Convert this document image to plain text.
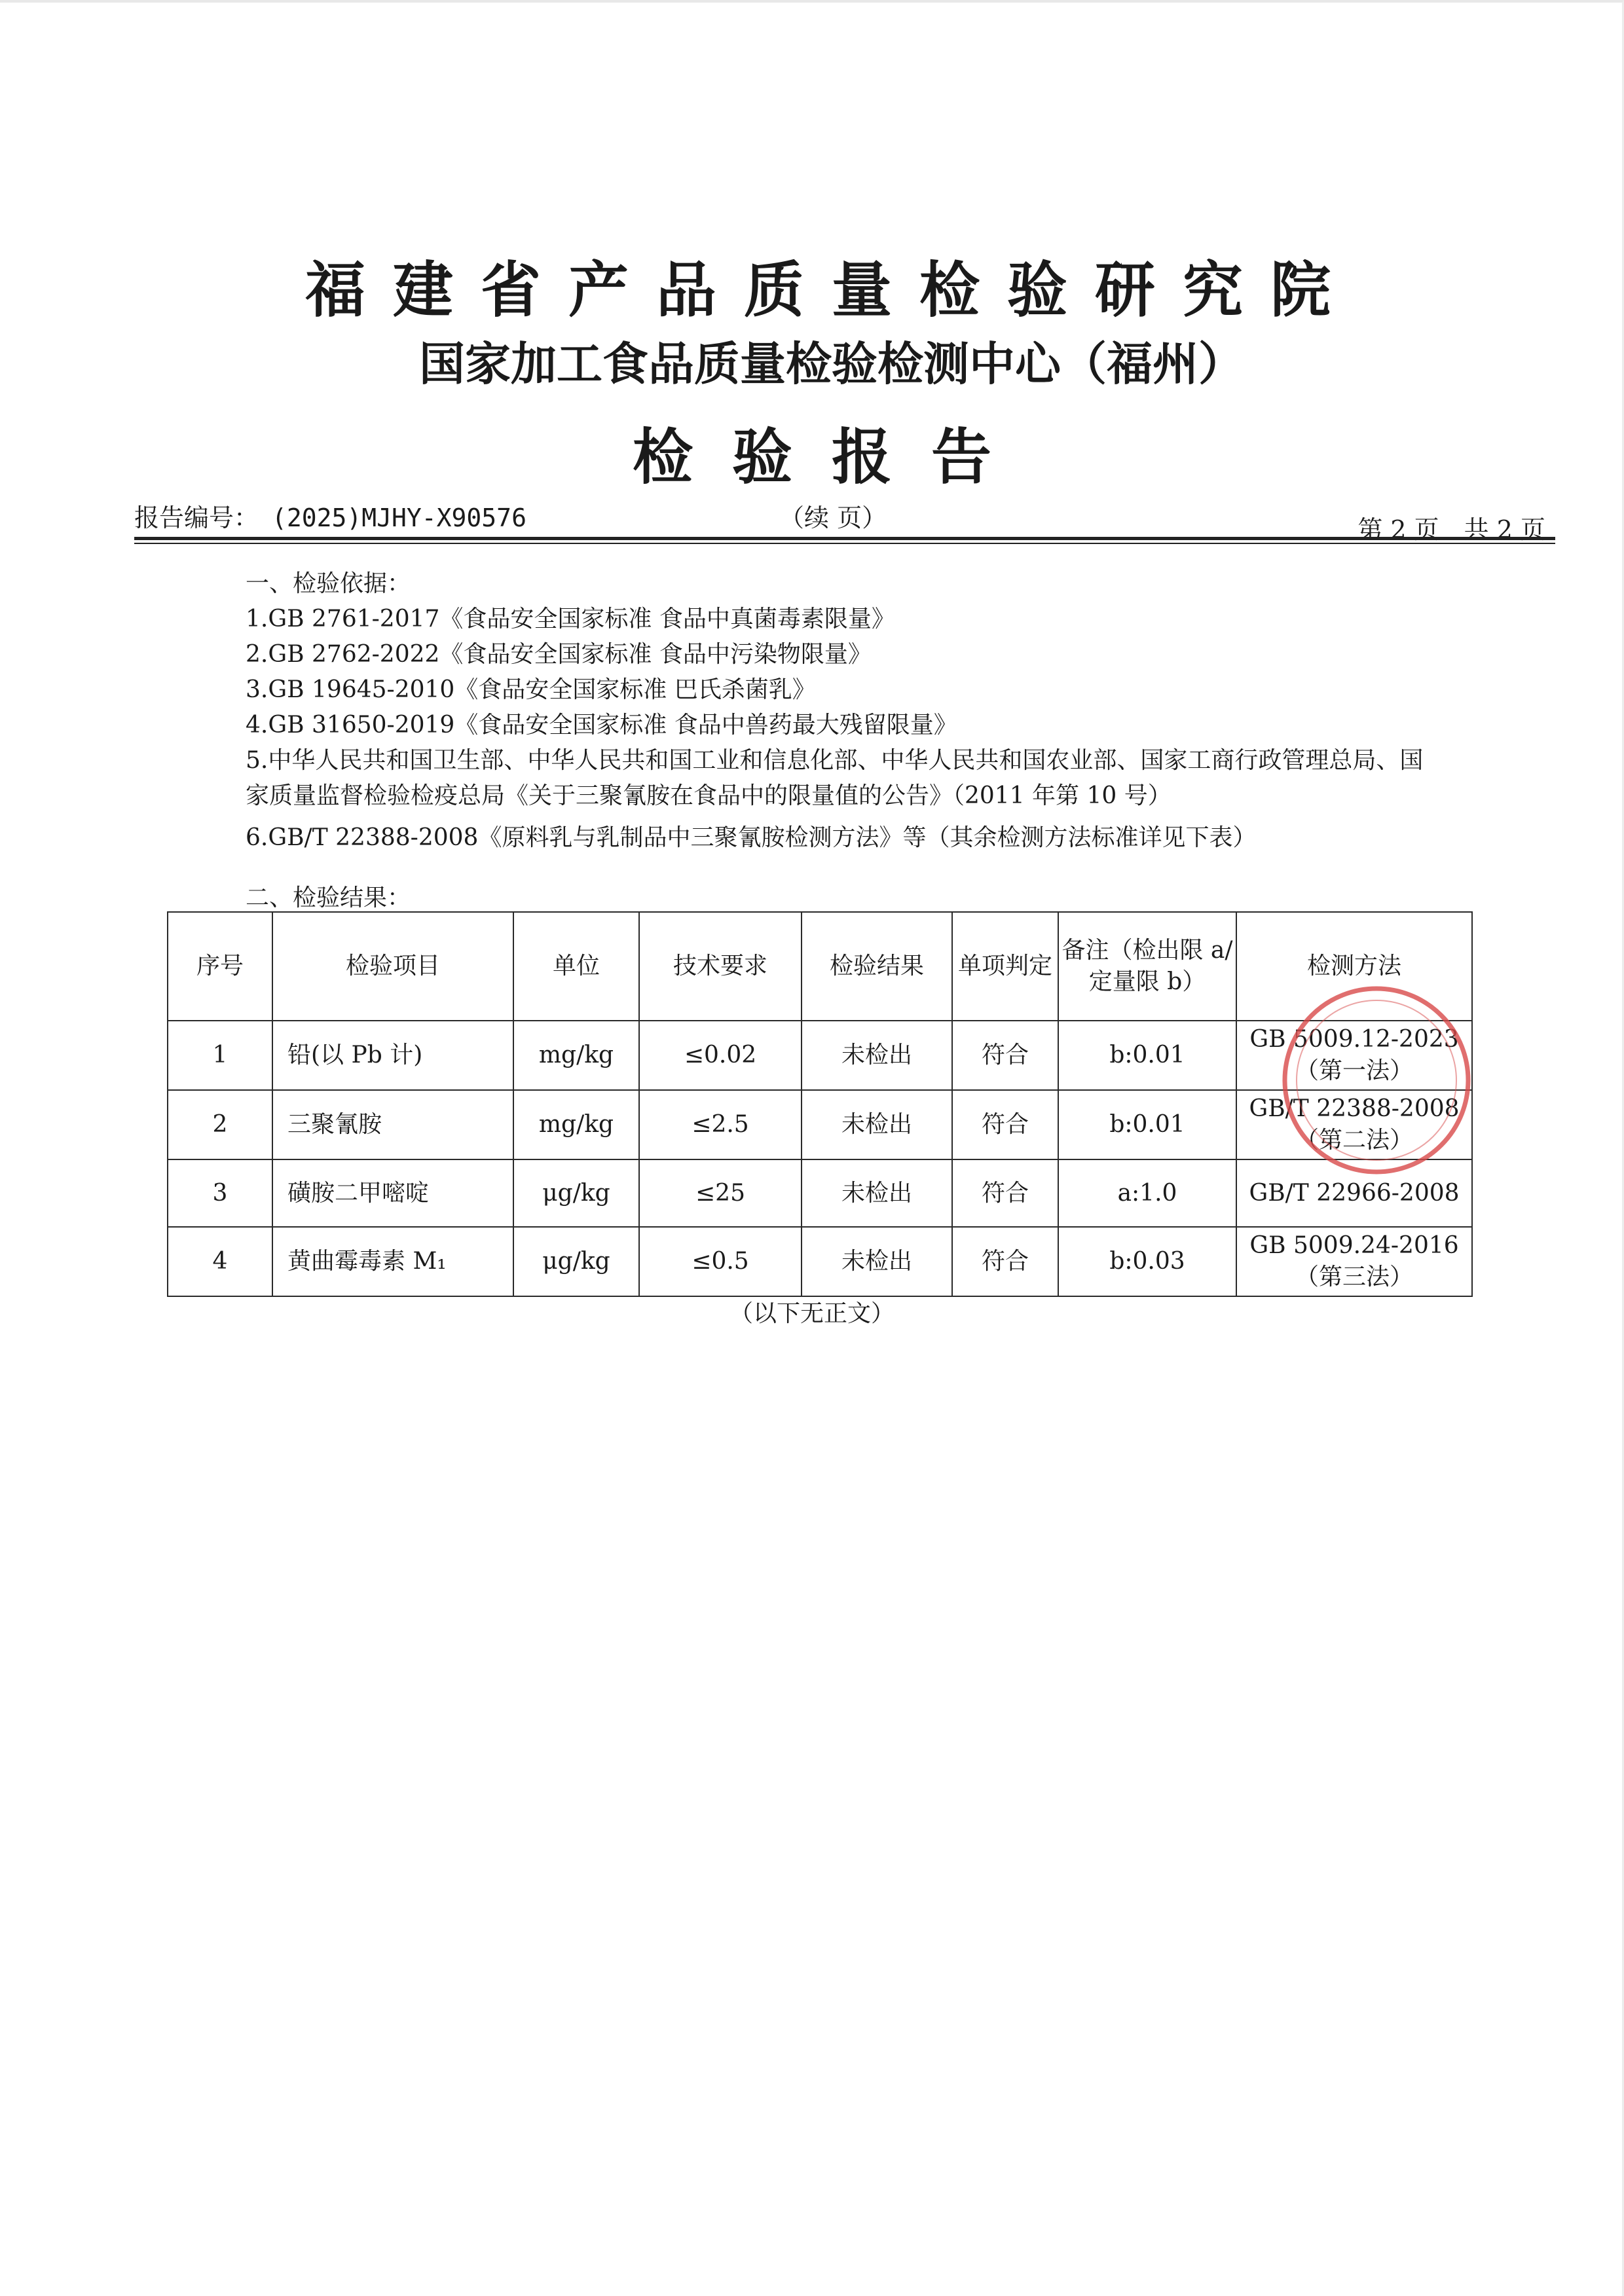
福建省产品质量检验研究院
国家加工食品质量检验检测中心（福州）
检验报告
报告编号： (2025)MJHY-X90576	（续 页）	第 2 页　共 2 页

一、检验依据：

1.GB 2761-2017《食品安全国家标准 食品中真菌毒素限量》

2.GB 2762-2022《食品安全国家标准 食品中污染物限量》

3.GB 19645-2010《食品安全国家标准 巴氏杀菌乳》

4.GB 31650-2019《食品安全国家标准 食品中兽药最大残留限量》

5.中华人民共和国卫生部、中华人民共和国工业和信息化部、中华人民共和国农业部、国家工商行政管理总局、国家质量监督检验检疫总局《关于三聚氰胺在食品中的限量值的公告》（2011 年第 10 号）

6.GB/T 22388-2008《原料乳与乳制品中三聚氰胺检测方法》等（其余检测方法标准详见下表）

二、检验结果：

序号	检验项目	单位	技术要求	检验结果	单项判定	备注（检出限 a/定量限 b）	检测方法
1	铅(以 Pb 计)	mg/kg	≤0.02	未检出	符合	b:0.01	GB 5009.12-2023（第一法）
2	三聚氰胺	mg/kg	≤2.5	未检出	符合	b:0.01	GB/T 22388-2008（第二法）
3	磺胺二甲嘧啶	μg/kg	≤25	未检出	符合	a:1.0	GB/T 22966-2008
4	黄曲霉毒素 M₁	μg/kg	≤0.5	未检出	符合	b:0.03	GB 5009.24-2016（第三法）

（以下无正文）
